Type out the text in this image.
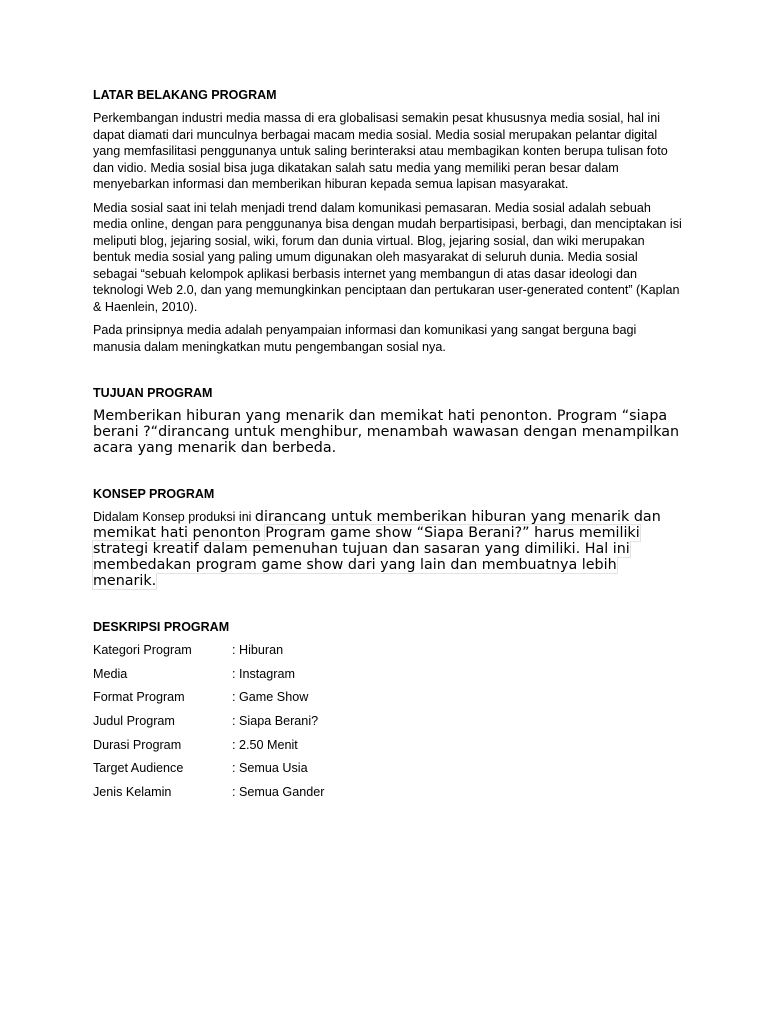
LATAR BELAKANG PROGRAM

Perkembangan industri media massa di era globalisasi semakin pesat khususnya media sosial, hal ini dapat diamati dari munculnya berbagai macam media sosial. Media sosial merupakan pelantar digital yang memfasilitasi penggunanya untuk saling berinteraksi atau membagikan konten berupa tulisan foto dan vidio. Media sosial bisa juga dikatakan salah satu media yang memiliki peran besar dalam menyebarkan informasi dan memberikan hiburan kepada semua lapisan masyarakat.

Media sosial saat ini telah menjadi trend dalam komunikasi pemasaran. Media sosial adalah sebuah media online, dengan para penggunanya bisa dengan mudah berpartisipasi, berbagi, dan menciptakan isi meliputi blog, jejaring sosial, wiki, forum dan dunia virtual. Blog, jejaring sosial, dan wiki merupakan bentuk media sosial yang paling umum digunakan oleh masyarakat di seluruh dunia. Media sosial sebagai “sebuah kelompok aplikasi berbasis internet yang membangun di atas dasar ideologi dan teknologi Web 2.0, dan yang memungkinkan penciptaan dan pertukaran user-generated content” (Kaplan & Haenlein, 2010).

Pada prinsipnya media adalah penyampaian informasi dan komunikasi yang sangat berguna bagi manusia dalam meningkatkan mutu pengembangan sosial nya.

TUJUAN PROGRAM

Memberikan hiburan yang menarik dan memikat hati penonton. Program “siapa berani ?“dirancang untuk menghibur, menambah wawasan dengan menampilkan acara yang menarik dan berbeda.

KONSEP PROGRAM

Didalam Konsep produksi ini dirancang untuk memberikan hiburan yang menarik dan memikat hati penonton Program game show “Siapa Berani?” harus memiliki strategi kreatif dalam pemenuhan tujuan dan sasaran yang dimiliki. Hal ini membedakan program game show dari yang lain dan membuatnya lebih menarik.

DESKRIPSI PROGRAM
Kategori Program	: Hiburan
Media	: Instagram
Format Program	: Game Show
Judul Program	: Siapa Berani?
Durasi Program	: 2.50 Menit
Target Audience	: Semua Usia
Jenis Kelamin	: Semua Gander
